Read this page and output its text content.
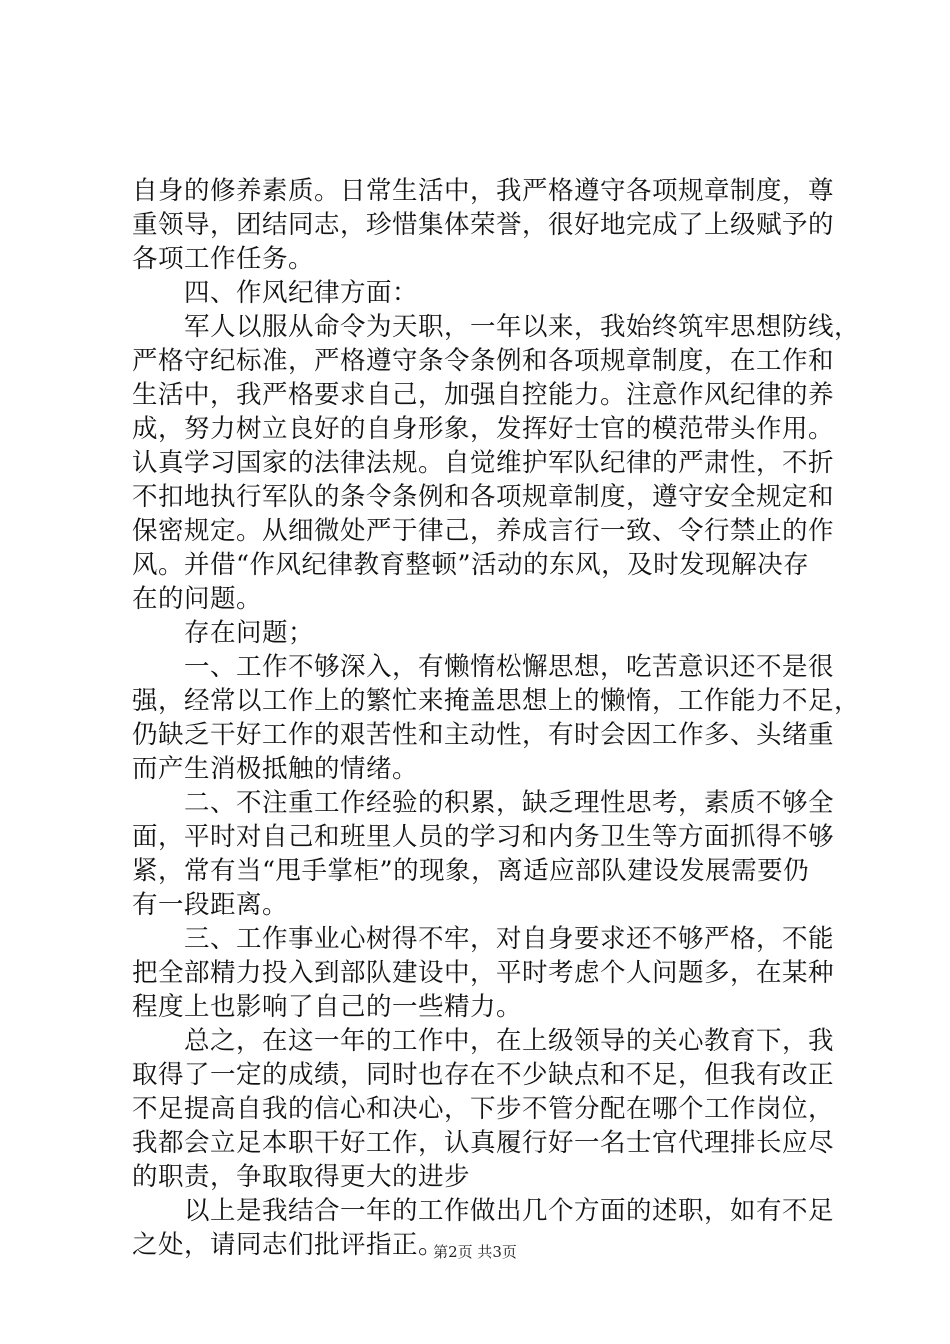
自身的修养素质。日常生活中，我严格遵守各项规章制度，尊
重领导，团结同志，珍惜集体荣誉，很好地完成了上级赋予的
各项工作任务。
　　四、作风纪律方面：
　　军人以服从命令为天职，一年以来，我始终筑牢思想防线，
严格守纪标准，严格遵守条令条例和各项规章制度，在工作和
生活中，我严格要求自己，加强自控能力。注意作风纪律的养
成，努力树立良好的自身形象，发挥好士官的模范带头作用。
认真学习国家的法律法规。自觉维护军队纪律的严肃性，不折
不扣地执行军队的条令条例和各项规章制度，遵守安全规定和
保密规定。从细微处严于律己，养成言行一致、令行禁止的作
风。并借“作风纪律教育整顿”活动的东风，及时发现解决存
在的问题。
　　存在问题；
　　一、工作不够深入，有懒惰松懈思想，吃苦意识还不是很
强，经常以工作上的繁忙来掩盖思想上的懒惰，工作能力不足，
仍缺乏干好工作的艰苦性和主动性，有时会因工作多、头绪重
而产生消极抵触的情绪。
　　二、不注重工作经验的积累，缺乏理性思考，素质不够全
面，平时对自己和班里人员的学习和内务卫生等方面抓得不够
紧，常有当“甩手掌柜”的现象，离适应部队建设发展需要仍
有一段距离。
　　三、工作事业心树得不牢，对自身要求还不够严格，不能
把全部精力投入到部队建设中，平时考虑个人问题多，在某种
程度上也影响了自己的一些精力。
　　总之，在这一年的工作中，在上级领导的关心教育下，我
取得了一定的成绩，同时也存在不少缺点和不足，但我有改正
不足提高自我的信心和决心，下步不管分配在哪个工作岗位，
我都会立足本职干好工作，认真履行好一名士官代理排长应尽
的职责，争取取得更大的进步
　　以上是我结合一年的工作做出几个方面的述职，如有不足
之处，请同志们批评指正。
第2页 共3页
